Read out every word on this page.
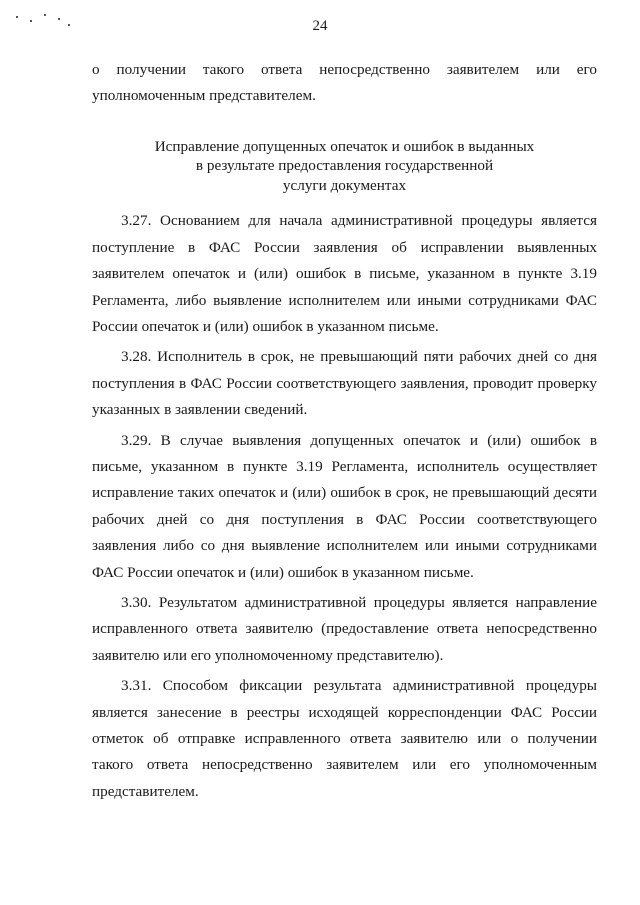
24

о получении такого ответа непосредственно заявителем или его уполномоченным представителем.

Исправление допущенных опечаток и ошибок в выданных
в результате предоставления государственной
услуги документах

3.27. Основанием для начала административной процедуры является поступление в ФАС России заявления об исправлении выявленных заявителем опечаток и (или) ошибок в письме, указанном в пункте 3.19 Регламента, либо выявление исполнителем или иными сотрудниками ФАС России опечаток и (или) ошибок в указанном письме.

3.28. Исполнитель в срок, не превышающий пяти рабочих дней со дня поступления в ФАС России соответствующего заявления, проводит проверку указанных в заявлении сведений.

3.29. В случае выявления допущенных опечаток и (или) ошибок в письме, указанном в пункте 3.19 Регламента, исполнитель осуществляет исправление таких опечаток и (или) ошибок в срок, не превышающий десяти рабочих дней со дня поступления в ФАС России соответствующего заявления либо со дня выявление исполнителем или иными сотрудниками ФАС России опечаток и (или) ошибок в указанном письме.

3.30. Результатом административной процедуры является направление исправленного ответа заявителю (предоставление ответа непосредственно заявителю или его уполномоченному представителю).

3.31. Способом фиксации результата административной процедуры является занесение в реестры исходящей корреспонденции ФАС России отметок об отправке исправленного ответа заявителю или о получении такого ответа непосредственно заявителем или его уполномоченным представителем.
